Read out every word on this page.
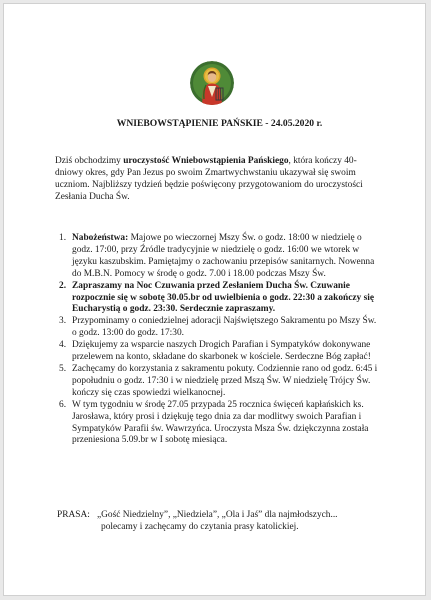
WNIEBOWSTĄPIENIE PAŃSKIE - 24.05.2020 r.
Dziś obchodzimy uroczystość Wniebowstąpienia Pańskiego, która kończy 40-dniowy okres, gdy Pan Jezus po swoim Zmartwychwstaniu ukazywał się swoim uczniom. Najbliższy tydzień będzie poświęcony przygotowaniom do uroczystości Zesłania Ducha Św.
1. Nabożeństwa: Majowe po wieczornej Mszy Św. o godz. 18:00 w niedzielę o godz. 17:00, przy Źródle tradycyjnie w niedzielę o godz. 16:00 we wtorek w języku kaszubskim. Pamiętajmy o zachowaniu przepisów sanitarnych. Nowenna do M.B.N. Pomocy w środę o godz. 7.00 i 18.00 podczas Mszy Św.
2. Zapraszamy na Noc Czuwania przed Zesłaniem Ducha Św. Czuwanie rozpocznie się w sobotę 30.05.br od uwielbienia o godz. 22:30 a zakończy się Eucharystią o godz. 23:30. Serdecznie zapraszamy.
3. Przypominamy o coniedzielnej adoracji Najświętszego Sakramentu po Mszy Św. o godz. 13:00 do godz. 17:30.
4. Dziękujemy za wsparcie naszych Drogich Parafian i Sympatyków dokonywane przelewem na konto, składane do skarbonek w kościele. Serdeczne Bóg zapłać!
5. Zachęcamy do korzystania z sakramentu pokuty. Codziennie rano od godz. 6:45 i popołudniu o godz. 17:30 i w niedzielę przed Mszą Św. W niedzielę Trójcy Św. kończy się czas spowiedzi wielkanocnej.
6. W tym tygodniu w środę 27.05 przypada 25 rocznica święceń kapłańskich ks. Jarosława, który prosi i dziękuję tego dnia za dar modlitwy swoich Parafian i Sympatyków Parafii św. Wawrzyńca. Uroczysta Msza Św. dziękczynna została przeniesiona 5.09.br w I sobotę miesiąca.
PRASA: „Gość Niedzielny”, „Niedziela”, „Ola i Jaś” dla najmłodszych...
polecamy i zachęcamy do czytania prasy katolickiej.
